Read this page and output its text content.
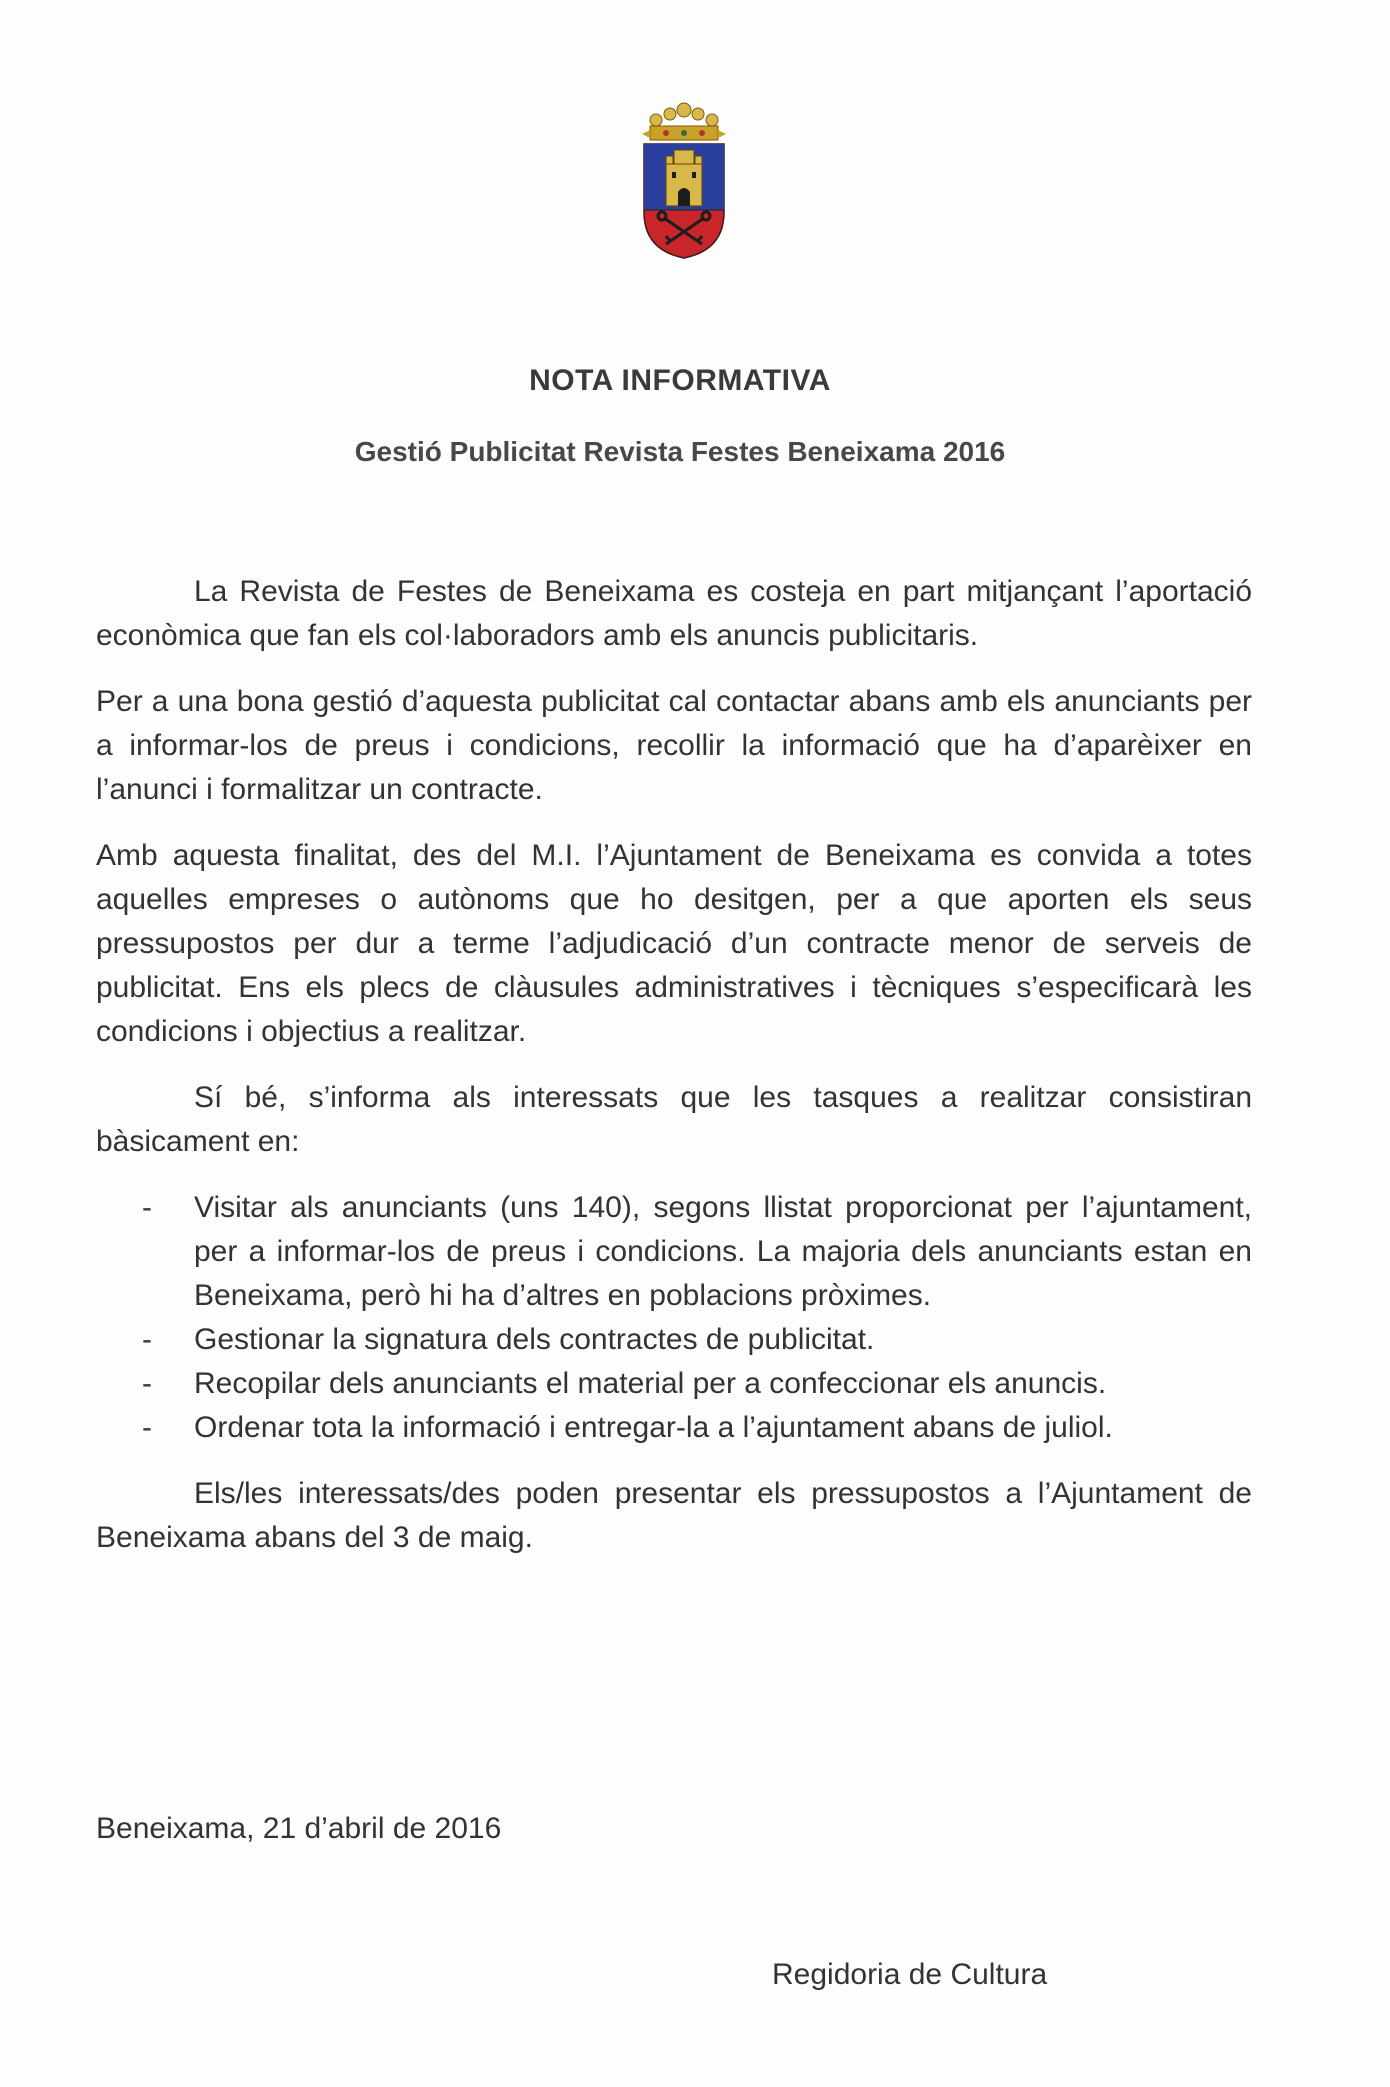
NOTA INFORMATIVA
Gestió Publicitat Revista Festes Beneixama 2016

La Revista de Festes de Beneixama es costeja en part mitjançant l’aportació econòmica que fan els col·laboradors amb els anuncis publicitaris.

Per a una bona gestió d’aquesta publicitat cal contactar abans amb els anunciants per a informar-los de preus i condicions, recollir la informació que ha d’aparèixer en l’anunci i formalitzar un contracte.

Amb aquesta finalitat, des del M.I. l’Ajuntament de Beneixama es convida a totes aquelles empreses o autònoms que ho desitgen, per a que aporten els seus pressupostos per dur a terme l’adjudicació d’un contracte menor de serveis de publicitat. Ens els plecs de clàusules administratives i tècniques s’especificarà les condicions i objectius a realitzar.

Sí bé, s’informa als interessats que les tasques a realitzar consistiran bàsicament en:

- Visitar als anunciants (uns 140), segons llistat proporcionat per l’ajuntament, per a informar-los de preus i condicions. La majoria dels anunciants estan en Beneixama, però hi ha d’altres en poblacions pròximes.
- Gestionar la signatura dels contractes de publicitat.
- Recopilar dels anunciants el material per a confeccionar els anuncis.
- Ordenar tota la informació i entregar-la a l’ajuntament abans de juliol.

Els/les interessats/des poden presentar els pressupostos a l’Ajuntament de Beneixama abans del 3 de maig.

Beneixama, 21 d’abril de 2016
Regidoria de Cultura
